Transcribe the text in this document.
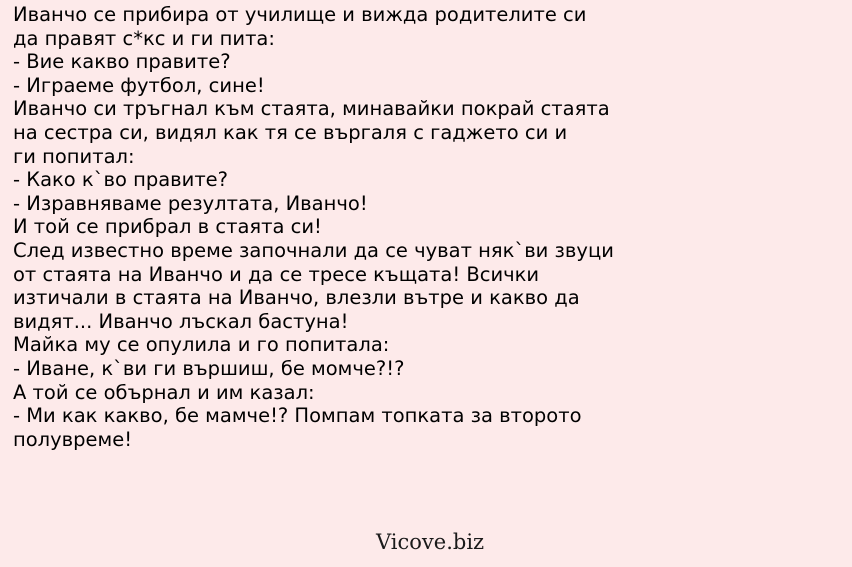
Иванчо се прибира от училище и вижда родителите си
да правят с*кс и ги пита:
- Вие какво правите?
- Играеме футбол, сине!
Иванчо си тръгнал към стаята, минавайки покрай стаята
на сестра си, видял как тя се въргаля с гаджето си и
ги попитал:
- Како к`во правите?
- Изравняваме резултата, Иванчо!
И той се прибрал в стаята си!
След известно време започнали да се чуват няк`ви звуци
от стаята на Иванчо и да се тресе къщата! Всички
изтичали в стаята на Иванчо, влезли вътре и какво да
видят... Иванчо лъскал бастуна!
Майка му се опулила и го попитала:
- Иване, к`ви ги вършиш, бе момче?!?
А той се обърнал и им казал:
- Ми как какво, бе мамче!? Помпам топката за второто
полувреме!
Vicove.biz
